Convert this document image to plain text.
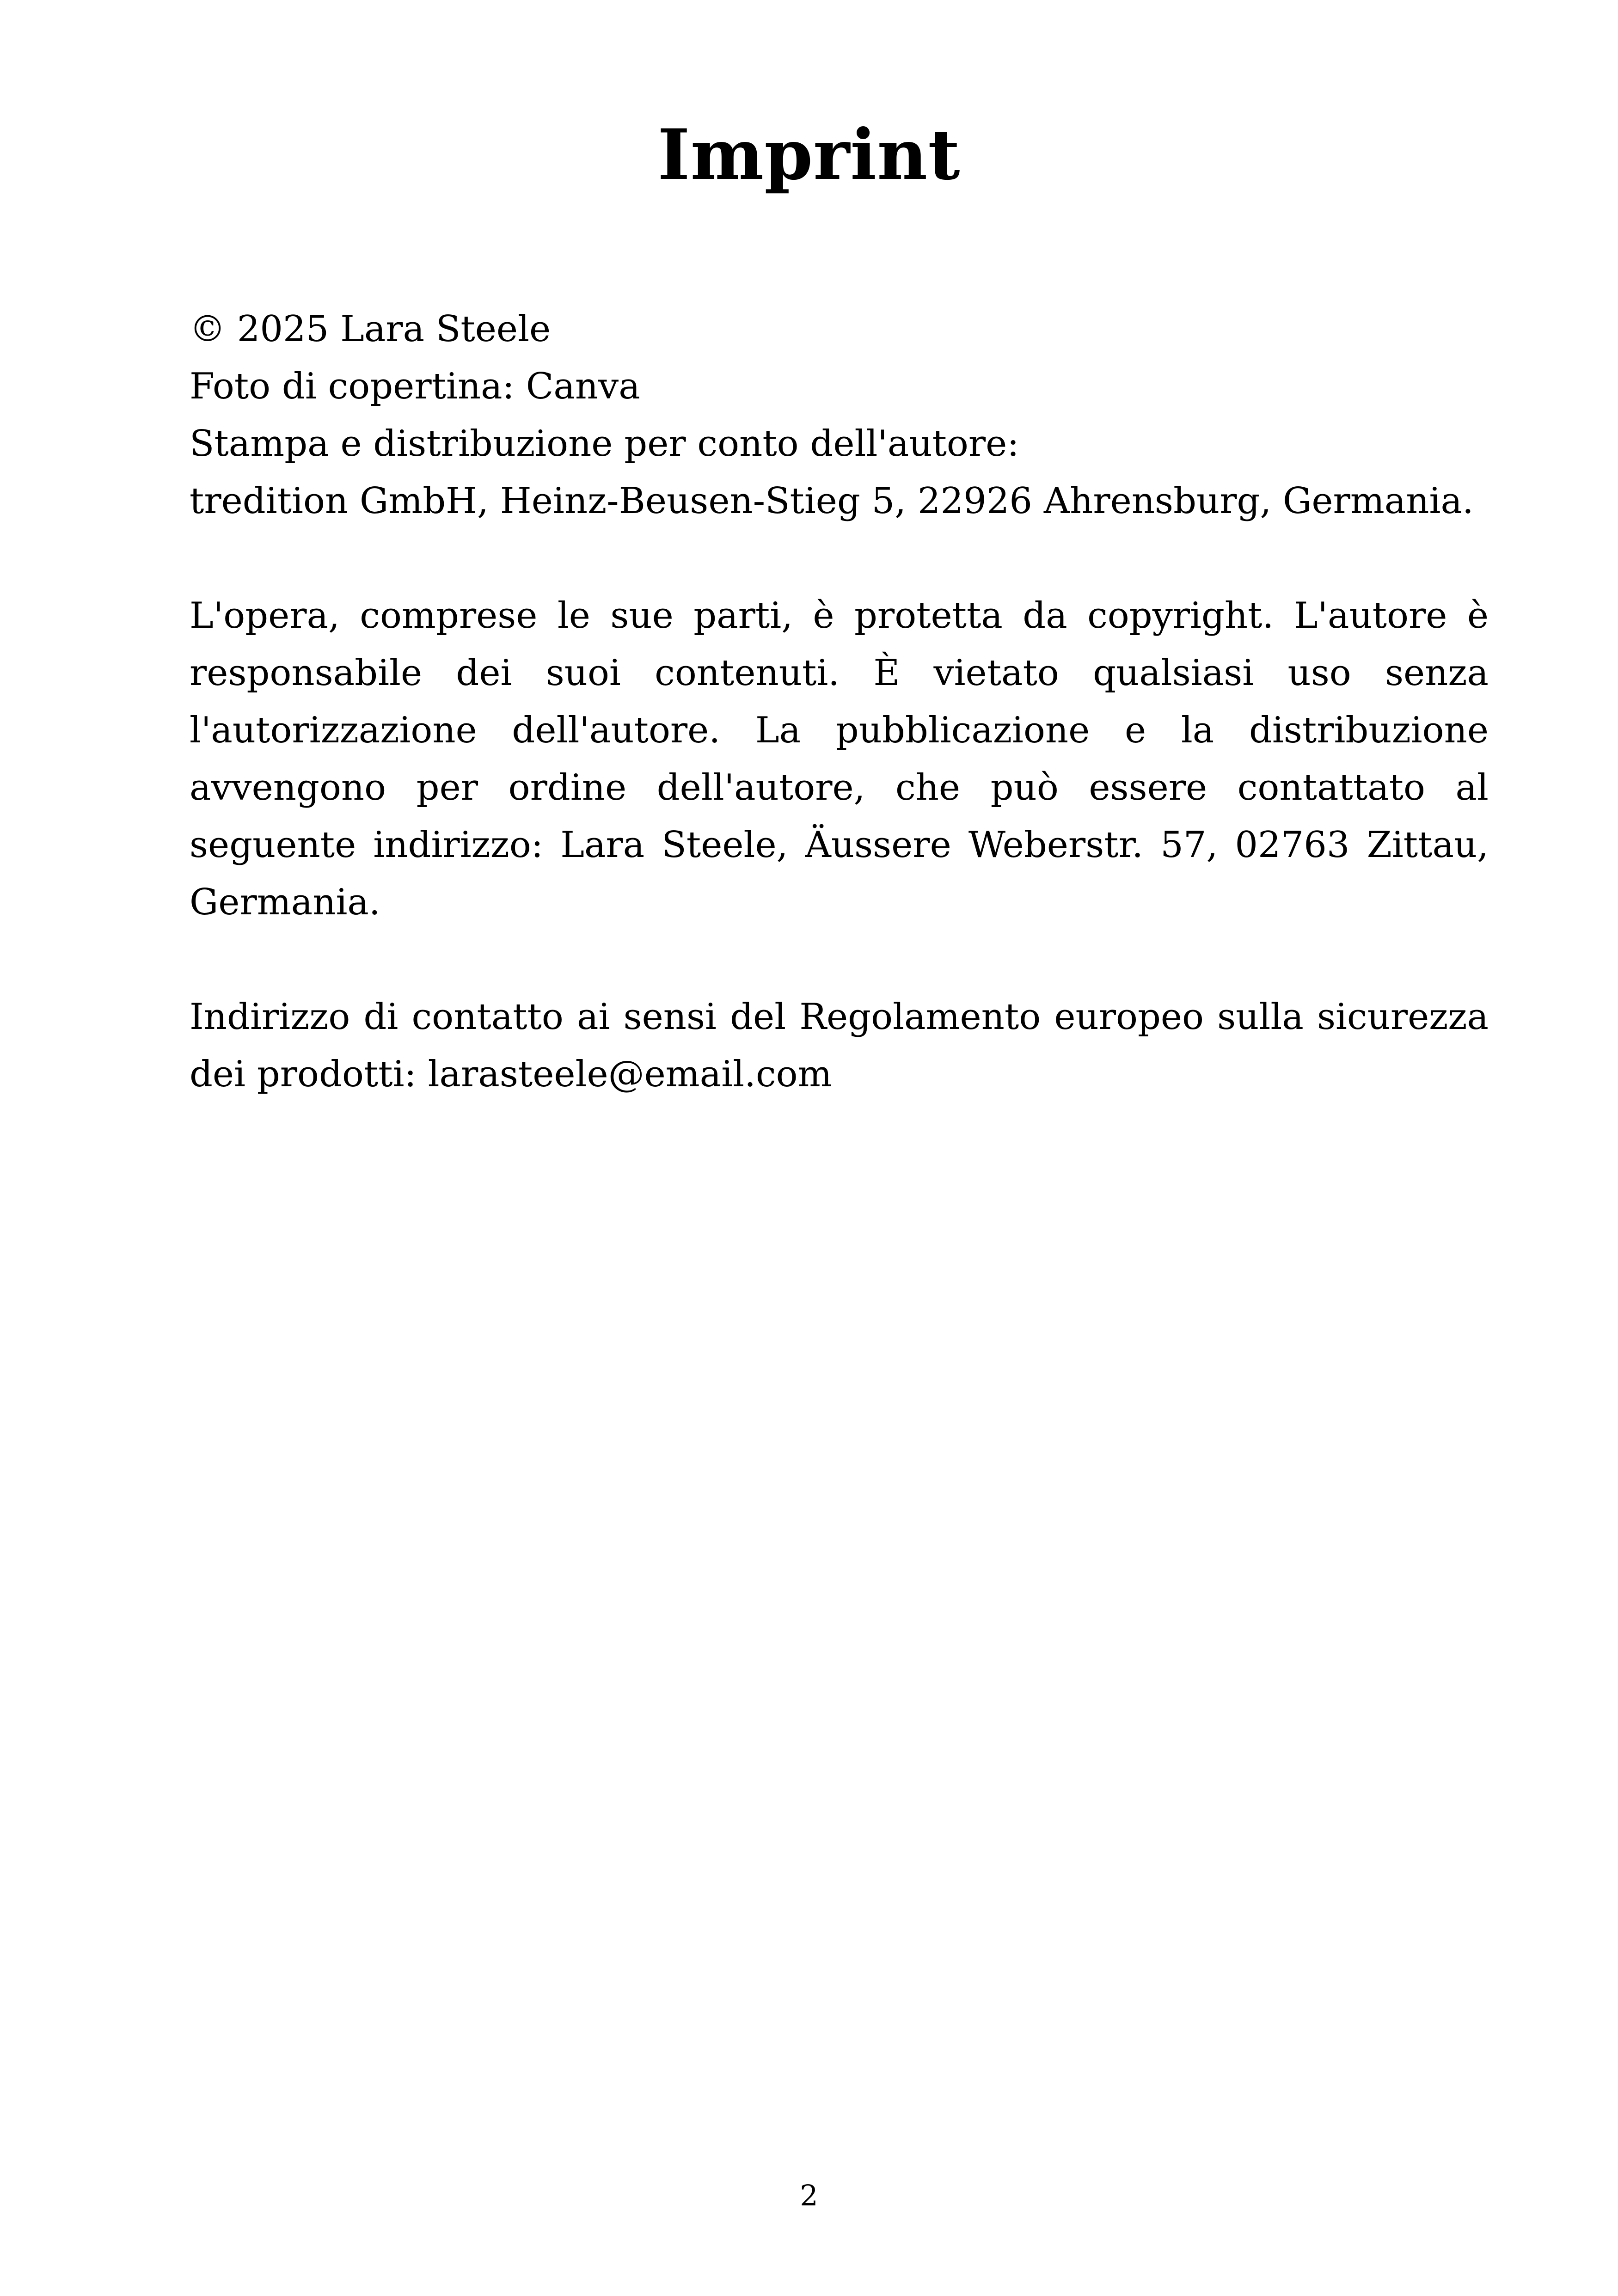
Imprint
© 2025 Lara Steele
Foto di copertina: Canva
Stampa e distribuzione per conto dell'autore:
tredition GmbH, Heinz-Beusen-Stieg 5, 22926 Ahrensburg, Germania.

L'opera, comprese le sue parti, è protetta da copyright. L'autore è responsabile dei suoi contenuti. È vietato qualsiasi uso senza l'autorizzazione dell'autore. La pubblicazione e la distribuzione avvengono per ordine dell'autore, che può essere contattato al seguente indirizzo: Lara Steele, Äussere Weberstr. 57, 02763 Zittau, Germania.

Indirizzo di contatto ai sensi del Regolamento europeo sulla sicurezza dei prodotti: larasteele@email.com

2
